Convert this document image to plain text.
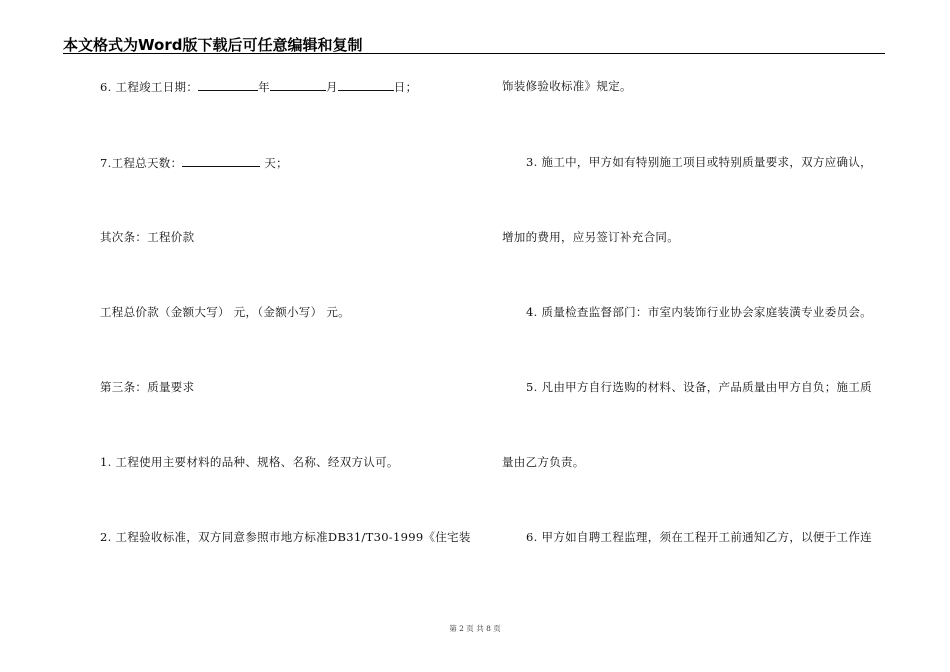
本文格式为Word版下载后可任意编辑和复制
6. 工程竣工日期：	年	月	日；
7.工程总天数：	天；
其次条：工程价款
工程总价款（金额大写） 元，（金额小写） 元。
第三条：质量要求
1. 工程使用主要材料的品种、规格、名称、经双方认可。
2. 工程验收标准，双方同意参照市地方标准DB31/T30-1999《住宅装
饰装修验收标准》规定。
3. 施工中，甲方如有特别施工项目或特别质量要求，双方应确认，
增加的费用，应另签订补充合同。
4. 质量检查监督部门：市室内装饰行业协会家庭装潢专业委员会。
5. 凡由甲方自行选购的材料、设备，产品质量由甲方自负；施工质
量由乙方负责。
6. 甲方如自聘工程监理，须在工程开工前通知乙方，以便于工作连
第 2 页 共 8 页
